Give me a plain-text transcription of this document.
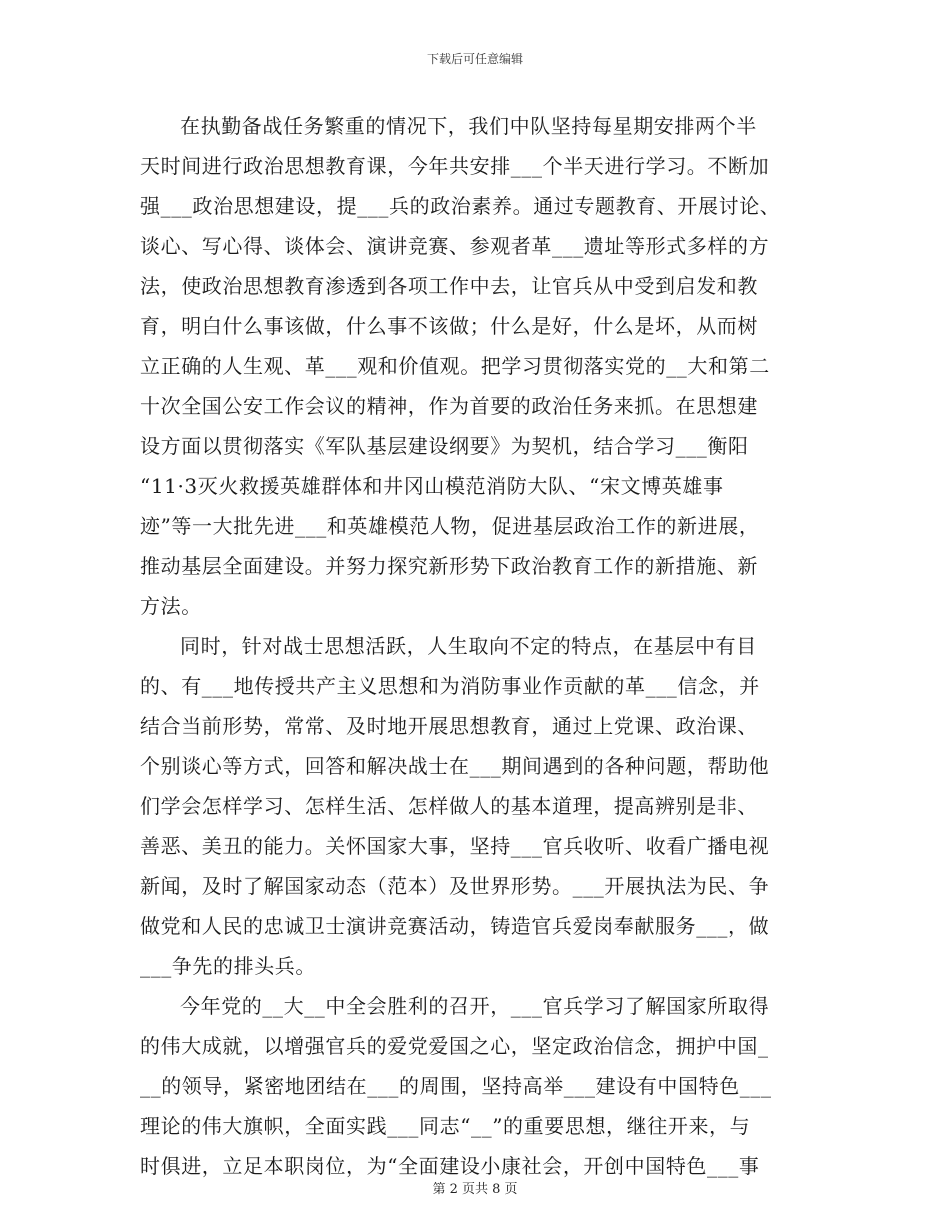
下载后可任意编辑
在执勤备战任务繁重的情况下，我们中队坚持每星期安排两个半
天时间进行政治思想教育课，今年共安排___个半天进行学习。不断加
强___政治思想建设，提___兵的政治素养。通过专题教育、开展讨论、
谈心、写心得、谈体会、演讲竞赛、参观者革___遗址等形式多样的方
法，使政治思想教育渗透到各项工作中去，让官兵从中受到启发和教
育，明白什么事该做，什么事不该做；什么是好，什么是坏，从而树
立正确的人生观、革___观和价值观。把学习贯彻落实党的__大和第二
十次全国公安工作会议的精神，作为首要的政治任务来抓。在思想建
设方面以贯彻落实《军队基层建设纲要》为契机，结合学习___衡阳
“11·3灭火救援英雄群体和井冈山模范消防大队、“宋文博英雄事
迹”等一大批先进___和英雄模范人物，促进基层政治工作的新进展，
推动基层全面建设。并努力探究新形势下政治教育工作的新措施、新
方法。
同时，针对战士思想活跃，人生取向不定的特点，在基层中有目
的、有___地传授共产主义思想和为消防事业作贡献的革___信念，并
结合当前形势，常常、及时地开展思想教育，通过上党课、政治课、
个别谈心等方式，回答和解决战士在___期间遇到的各种问题，帮助他
们学会怎样学习、怎样生活、怎样做人的基本道理，提高辨别是非、
善恶、美丑的能力。关怀国家大事，坚持___官兵收听、收看广播电视
新闻，及时了解国家动态（范本）及世界形势。___开展执法为民、争
做党和人民的忠诚卫士演讲竞赛活动，铸造官兵爱岗奉献服务___，做
___争先的排头兵。
今年党的__大__中全会胜利的召开，___官兵学习了解国家所取得
的伟大成就，以增强官兵的爱党爱国之心，坚定政治信念，拥护中国_
__的领导，紧密地团结在___的周围，坚持高举___建设有中国特色___
理论的伟大旗帜，全面实践___同志“__”的重要思想，继往开来，与
时俱进，立足本职岗位，为“全面建设小康社会，开创中国特色___事
第 2 页共 8 页
